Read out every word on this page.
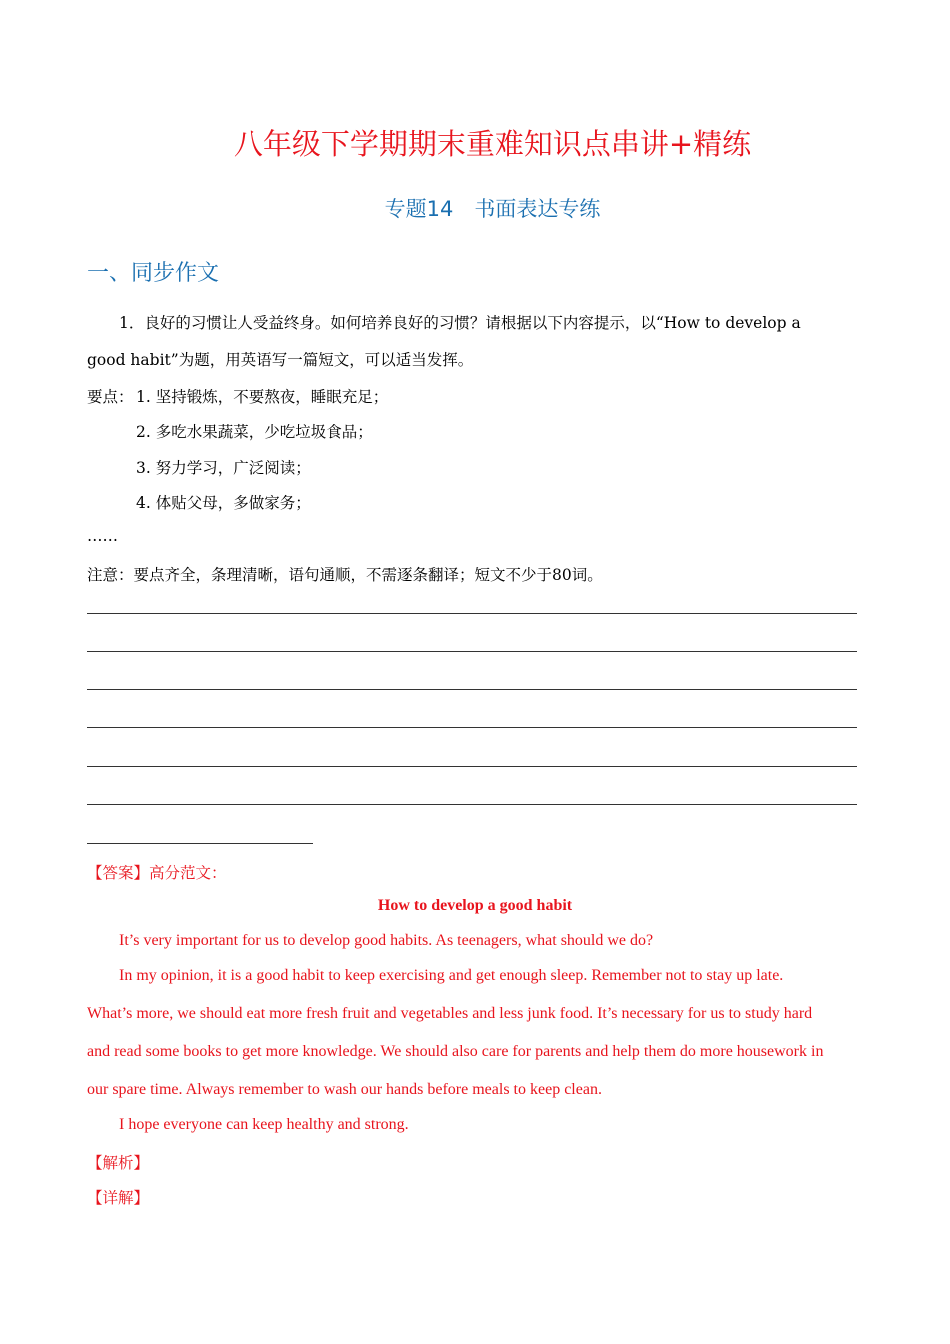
八年级下学期期末重难知识点串讲+精练
专题14　书面表达专练
一、同步作文
1．良好的习惯让人受益终身。如何培养良好的习惯？请根据以下内容提示，以“How to develop a
good habit”为题，用英语写一篇短文，可以适当发挥。
要点： 1. 坚持锻炼，不要熬夜，睡眠充足；
2. 多吃水果蔬菜，少吃垃圾食品；
3. 努力学习，广泛阅读；
4. 体贴父母，多做家务；
……
注意：要点齐全，条理清晰，语句通顺，不需逐条翻译；短文不少于80词。
【答案】高分范文：
How to develop a good habit
It’s very important for us to develop good habits. As teenagers, what should we do?
In my opinion, it is a good habit to keep exercising and get enough sleep. Remember not to stay up late.
What’s more, we should eat more fresh fruit and vegetables and less junk food. It’s necessary for us to study hard
and read some books to get more knowledge. We should also care for parents and help them do more housework in
our spare time. Always remember to wash our hands before meals to keep clean.
I hope everyone can keep healthy and strong.
【解析】
【详解】
